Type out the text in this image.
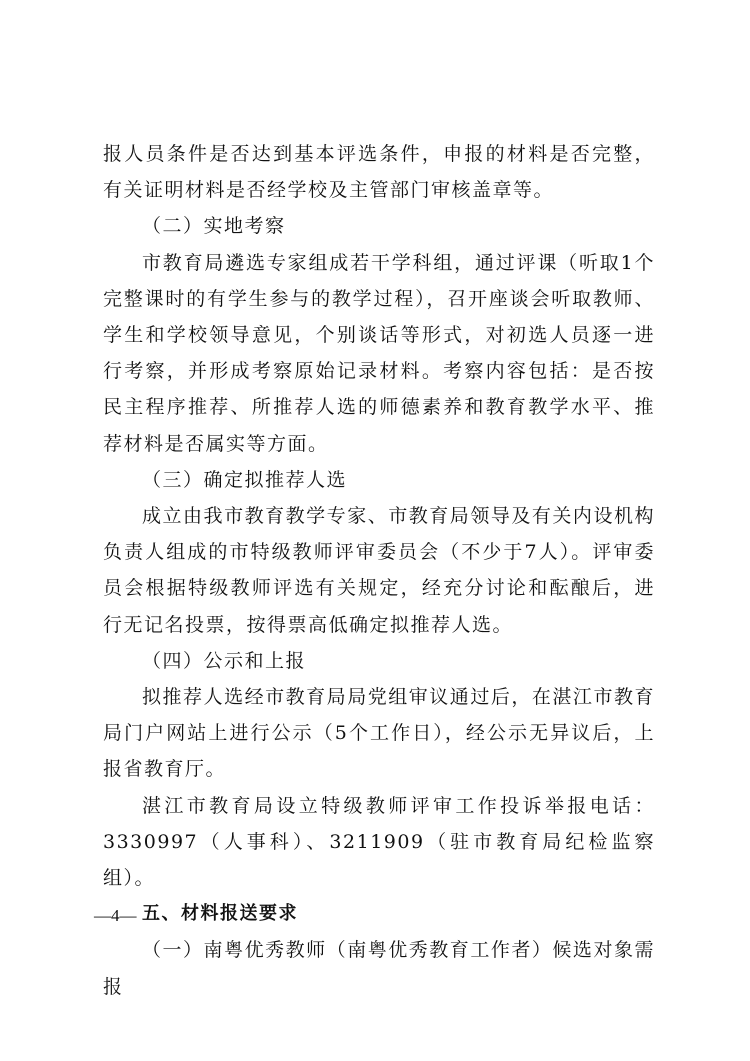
报人员条件是否达到基本评选条件，申报的材料是否完整，有关证明材料是否经学校及主管部门审核盖章等。

（二）实地考察

市教育局遴选专家组成若干学科组，通过评课（听取1个完整课时的有学生参与的教学过程），召开座谈会听取教师、学生和学校领导意见，个别谈话等形式，对初选人员逐一进行考察，并形成考察原始记录材料。考察内容包括：是否按民主程序推荐、所推荐人选的师德素养和教育教学水平、推荐材料是否属实等方面。

（三）确定拟推荐人选

成立由我市教育教学专家、市教育局领导及有关内设机构负责人组成的市特级教师评审委员会（不少于7人）。评审委员会根据特级教师评选有关规定，经充分讨论和酝酿后，进行无记名投票，按得票高低确定拟推荐人选。

（四）公示和上报

拟推荐人选经市教育局局党组审议通过后，在湛江市教育局门户网站上进行公示（5个工作日），经公示无异议后，上报省教育厅。

湛江市教育局设立特级教师评审工作投诉举报电话：3330997（人事科）、3211909（驻市教育局纪检监察组）。

五、材料报送要求

（一）南粤优秀教师（南粤优秀教育工作者）候选对象需报

—4—
